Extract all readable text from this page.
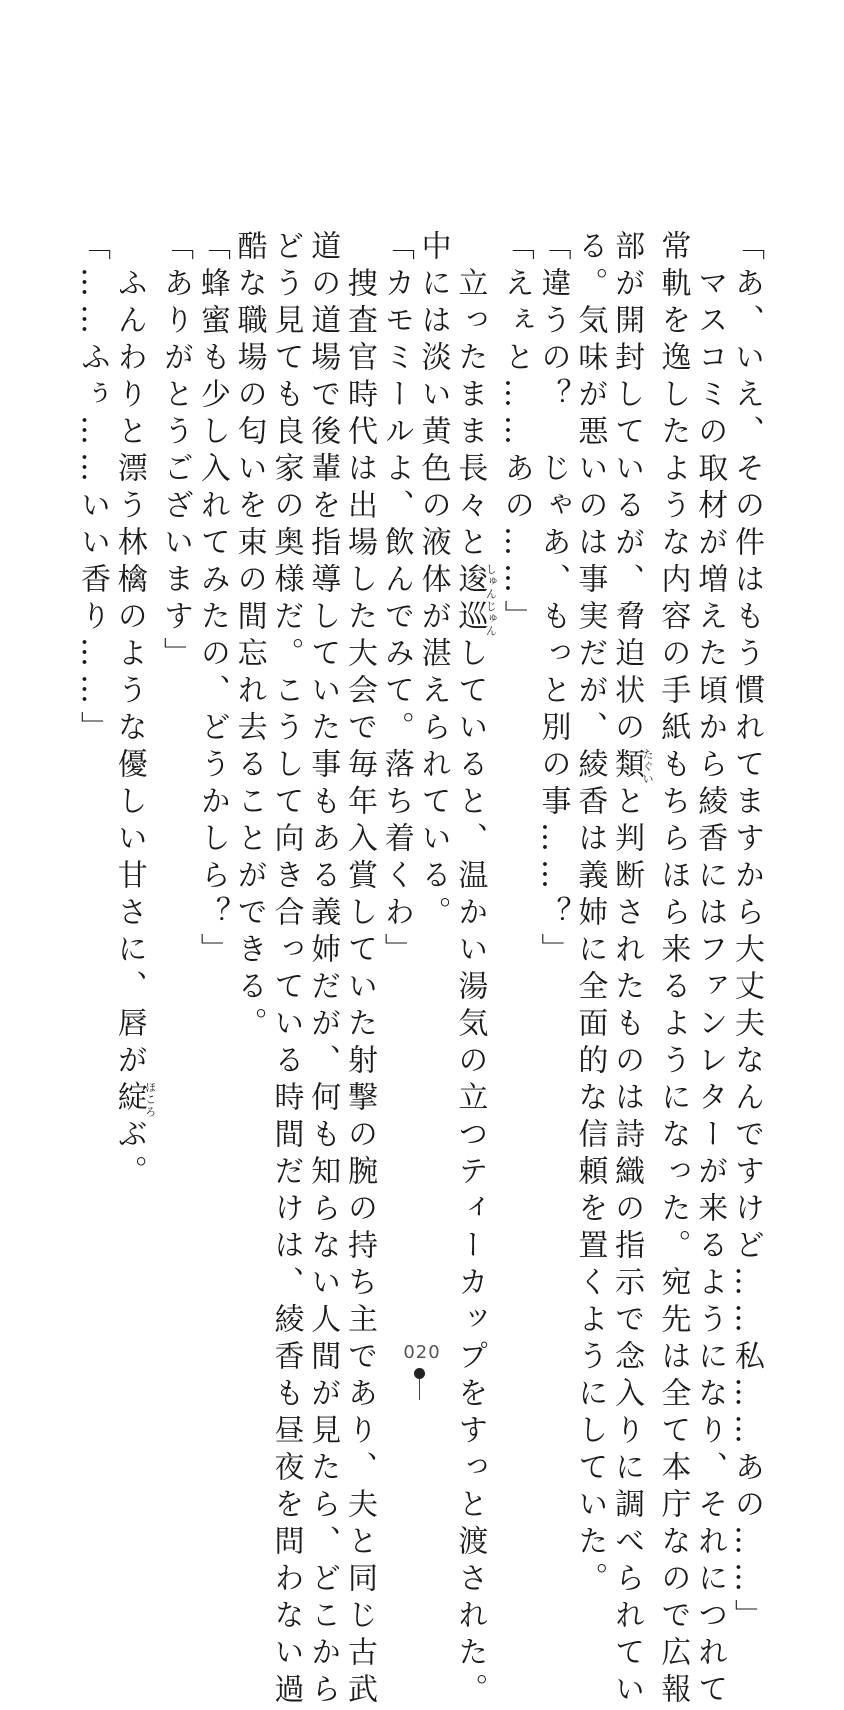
「あ、いえ、その件はもう慣れてますから大丈夫なんですけど……私……あの……」
　マスコミの取材が増えた頃から綾香にはファンレターが来るようになり、それにつれて
常軌を逸したような内容の手紙もちらほら来るようになった。宛先は全て本庁なので広報
部が開封しているが、脅迫状の類たぐいと判断されたものは詩織の指示で念入りに調べられてい
る。気味が悪いのは事実だが、綾香は義姉に全面的な信頼を置くようにしていた。
「違うの？　じゃあ、もっと別の事……？」
「えぇと……あの……」
　立ったまま長々と逡巡しゅんじゅんしていると、温かい湯気の立つティーカップをすっと渡された。
中には淡い黄色の液体が湛えられている。
「カモミールよ、飲んでみて。落ち着くわ」
　捜査官時代は出場した大会で毎年入賞していた射撃の腕の持ち主であり、夫と同じ古武
道の道場で後輩を指導していた事もある義姉だが、何も知らない人間が見たら、どこから
どう見ても良家の奥様だ。こうして向き合っている時間だけは、綾香も昼夜を問わない過
酷な職場の匂いを束の間忘れ去ることができる。
「蜂蜜も少し入れてみたの、どうかしら？」
「ありがとうございます」
　ふんわりと漂う林檎のような優しい甘さに、唇が綻ほころぶ。
「……ふぅ……いい香り……」
020
